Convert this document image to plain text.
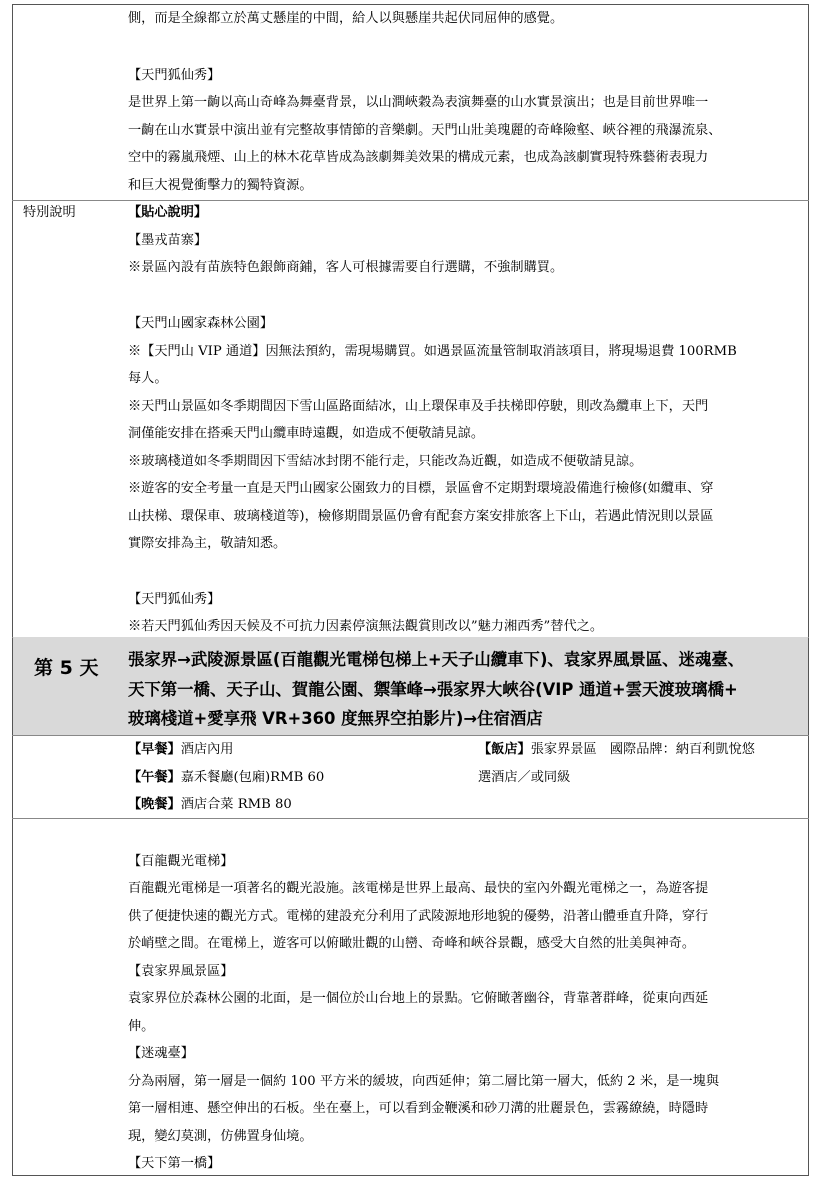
側，而是全線都立於萬丈懸崖的中間，給人以與懸崖共起伏同屈伸的感覺。
【天門狐仙秀】
是世界上第一齣以高山奇峰為舞臺背景，以山澗峽穀為表演舞臺的山水實景演出；也是目前世界唯一
一齣在山水實景中演出並有完整故事情節的音樂劇。天門山壯美瑰麗的奇峰險壑、峽谷裡的飛瀑流泉、
空中的霧嵐飛煙、山上的林木花草皆成為該劇舞美效果的構成元素，也成為該劇實現特殊藝術表現力
和巨大視覺衝擊力的獨特資源。
特別說明	【貼心說明】
【墨戎苗寨】
※景區內設有苗族特色銀飾商鋪，客人可根據需要自行選購，不強制購買。
【天門山國家森林公園】
※【天門山 VIP 通道】因無法預約，需現場購買。如遇景區流量管制取消該項目，將現場退費 100RMB
每人。
※天門山景區如冬季期間因下雪山區路面結冰，山上環保車及手扶梯即停駛，則改為纜車上下，天門
洞僅能安排在搭乘天門山纜車時遠觀，如造成不便敬請見諒。
※玻璃棧道如冬季期間因下雪結冰封閉不能行走，只能改為近觀，如造成不便敬請見諒。
※遊客的安全考量一直是天門山國家公園致力的目標，景區會不定期對環境設備進行檢修(如纜車、穿
山扶梯、環保車、玻璃棧道等)，檢修期間景區仍會有配套方案安排旅客上下山，若遇此情況則以景區
實際安排為主，敬請知悉。
【天門狐仙秀】
※若天門狐仙秀因天候及不可抗力因素停演無法觀賞則改以”魅力湘西秀”替代之。
第 5 天 張家界→武陵源景區(百龍觀光電梯包梯上+天子山纜車下)、袁家界風景區、迷魂臺、
天下第一橋、天子山、賀龍公園、禦筆峰→張家界大峽谷(VIP 通道+雲天渡玻璃橋+
玻璃棧道+愛享飛 VR+360 度無界空拍影片)→住宿酒店
【早餐】酒店內用
【午餐】嘉禾餐廳(包廂)RMB 60
【晚餐】酒店合菜 RMB 80
【飯店】張家界景區　國際品牌：納百利凱悅悠
選酒店／或同級
【百龍觀光電梯】
百龍觀光電梯是一項著名的觀光設施。該電梯是世界上最高、最快的室內外觀光電梯之一，為遊客提
供了便捷快速的觀光方式。電梯的建設充分利用了武陵源地形地貌的優勢，沿著山體垂直升降，穿行
於峭壁之間。在電梯上，遊客可以俯瞰壯觀的山巒、奇峰和峽谷景觀，感受大自然的壯美與神奇。
【袁家界風景區】
袁家界位於森林公園的北面，是一個位於山台地上的景點。它俯瞰著幽谷，背靠著群峰，從東向西延
伸。
【迷魂臺】
分為兩層，第一層是一個約 100 平方米的緩坡，向西延伸；第二層比第一層大，低約 2 米，是一塊與
第一層相連、懸空伸出的石板。坐在臺上，可以看到金鞭溪和砂刀溝的壯麗景色，雲霧繚繞，時隱時
現，變幻莫測，仿佛置身仙境。
【天下第一橋】
